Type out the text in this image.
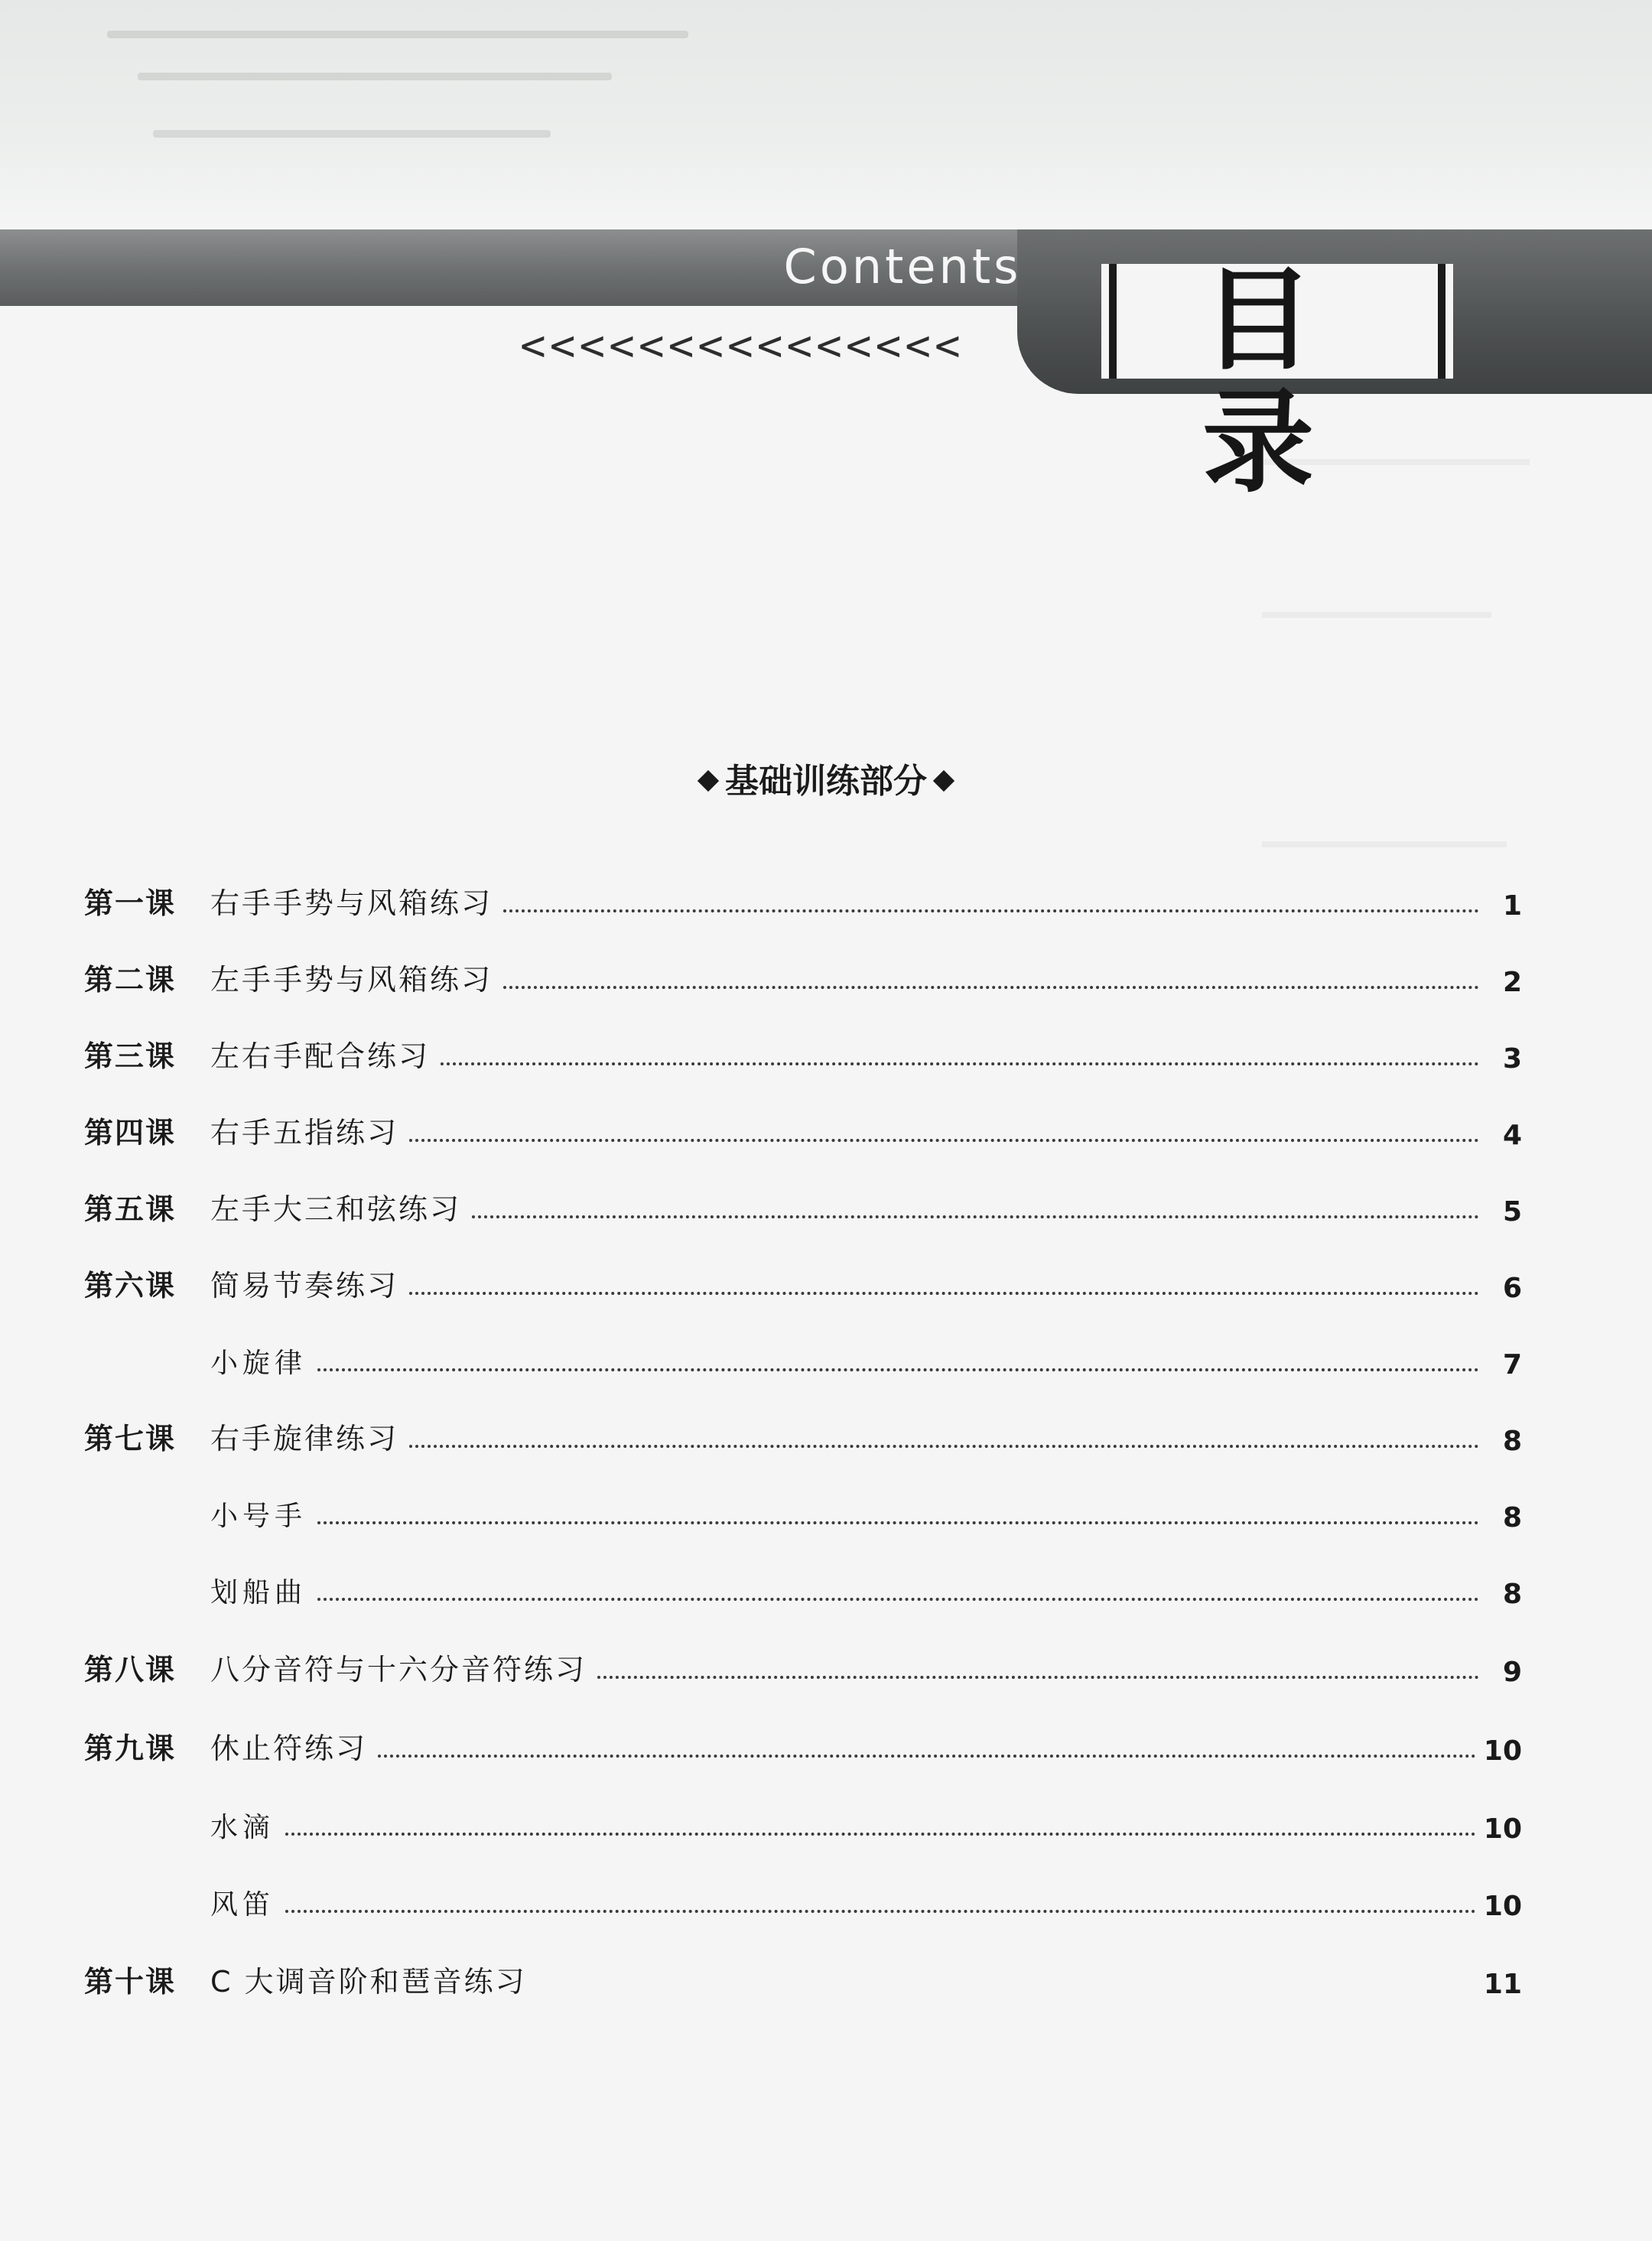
Contents
<<<<<<<<<<<<<<<	目录
基础训练部分
第一课	右手手势与风箱练习	1
第二课	左手手势与风箱练习	2
第三课	左右手配合练习	3
第四课	右手五指练习	4
第五课	左手大三和弦练习	5
第六课	简易节奏练习	6
小旋律	7
第七课	右手旋律练习	8
小号手	8
划船曲	8
第八课	八分音符与十六分音符练习	9
第九课	休止符练习	10
水滴	10
风笛	10
第十课	C 大调音阶和琶音练习	11
